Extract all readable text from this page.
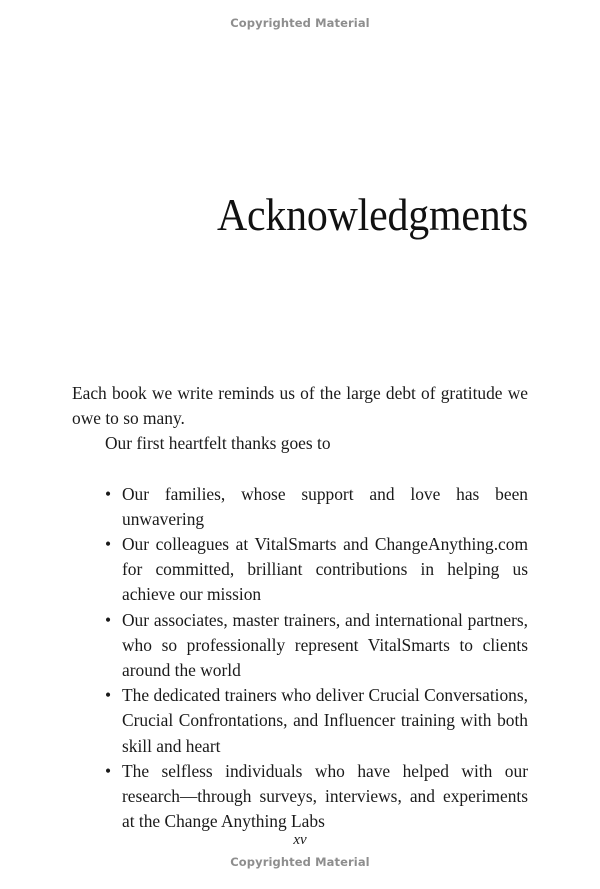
Copyrighted Material
Acknowledgments

Each book we write reminds us of the large debt of gratitude we owe to so many.

Our first heartfelt thanks goes to

• Our families, whose support and love has been unwavering
• Our colleagues at VitalSmarts and ChangeAnything.com for committed, brilliant contributions in helping us achieve our mission
• Our associates, master trainers, and international partners, who so professionally represent VitalSmarts to clients around the world
• The dedicated trainers who deliver Crucial Conversations, Crucial Confrontations, and Influencer training with both skill and heart
• The selfless individuals who have helped with our research—through surveys, interviews, and experiments at the Change Anything Labs
xv
Copyrighted Material
